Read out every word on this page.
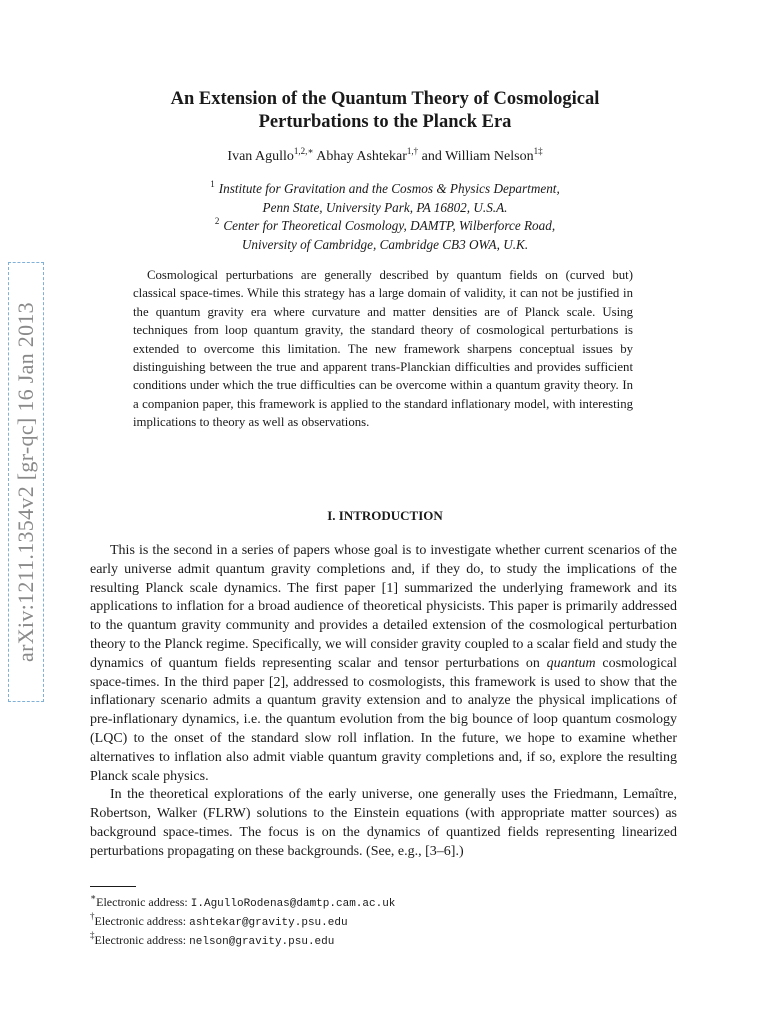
arXiv:1211.1354v2 [gr-qc] 16 Jan 2013
An Extension of the Quantum Theory of Cosmological
Perturbations to the Planck Era
Ivan Agullo$^{1,2,∗}$ Abhay Ashtekar$^{1,\dagger}$ and William Nelson$^{1\ddagger}$
$^1$ Institute for Gravitation and the Cosmos & Physics Department,
Penn State, University Park, PA 16802, U.S.A.
$^2$ Center for Theoretical Cosmology, DAMTP, Wilberforce Road,
University of Cambridge, Cambridge CB3 OWA, U.K.
Cosmological perturbations are generally described by quantum fields on (curved but) classical space-times. While this strategy has a large domain of validity, it can not be justified in the quantum gravity era where curvature and matter densities are of Planck scale. Using techniques from loop quantum gravity, the standard theory of cosmological perturbations is extended to overcome this limitation. The new framework sharpens conceptual issues by distinguishing between the true and apparent trans-Planckian difficulties and provides sufficient conditions under which the true difficulties can be overcome within a quantum gravity theory. In a companion paper, this framework is applied to the standard inflationary model, with interesting implications to theory as well as observations.
I. INTRODUCTION

This is the second in a series of papers whose goal is to investigate whether current scenarios of the early universe admit quantum gravity completions and, if they do, to study the implications of the resulting Planck scale dynamics. The first paper [1] summarized the underlying framework and its applications to inflation for a broad audience of theoretical physicists. This paper is primarily addressed to the quantum gravity community and provides a detailed extension of the cosmological perturbation theory to the Planck regime. Specifically, we will consider gravity coupled to a scalar field and study the dynamics of quantum fields representing scalar and tensor perturbations on quantum cosmological space-times. In the third paper [2], addressed to cosmologists, this framework is used to show that the inflationary scenario admits a quantum gravity extension and to analyze the physical implications of pre-inflationary dynamics, i.e. the quantum evolution from the big bounce of loop quantum cosmology (LQC) to the onset of the standard slow roll inflation. In the future, we hope to examine whether alternatives to inflation also admit viable quantum gravity completions and, if so, explore the resulting Planck scale physics.

In the theoretical explorations of the early universe, one generally uses the Friedmann, Lemaître, Robertson, Walker (FLRW) solutions to the Einstein equations (with appropriate matter sources) as background space-times. The focus is on the dynamics of quantized fields representing linearized perturbations propagating on these backgrounds. (See, e.g., [3–6].)

∗Electronic address: I.AgulloRodenas@damtp.cam.ac.uk
†Electronic address: ashtekar@gravity.psu.edu
‡Electronic address: nelson@gravity.psu.edu
